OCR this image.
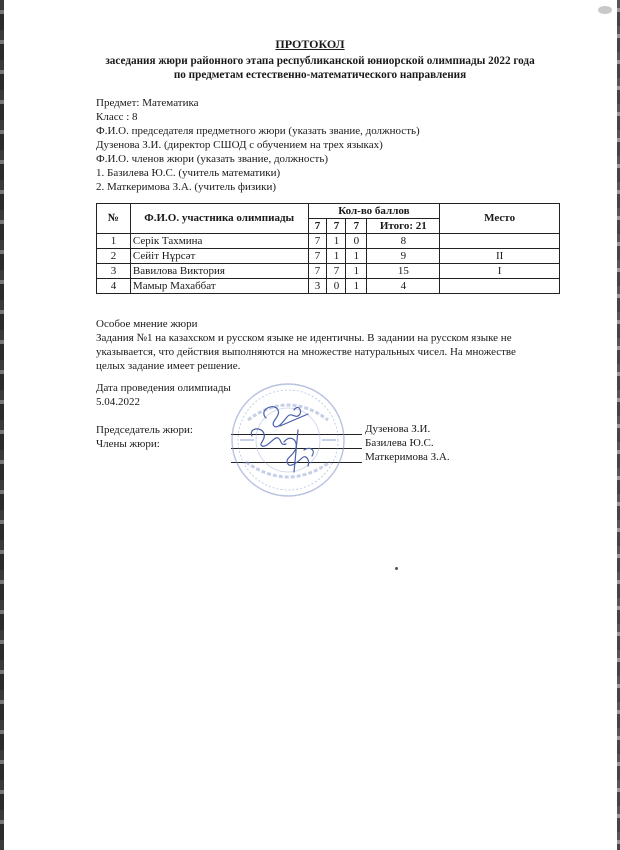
ПРОТОКОЛ
заседания жюри районного этапа республиканской юниорской олимпиады 2022 года
по предметам естественно-математического направления
Предмет: Математика
Класс : 8
Ф.И.О. председателя предметного жюри (указать звание, должность)
Дузенова З.И. (директор СШОД с обучением на трех языках)
Ф.И.О. членов жюри (указать звание, должность)
1. Базилева Ю.С. (учитель математики)
2. Маткеримова З.А. (учитель физики)
№	Ф.И.О. участника олимпиады	Кол-во баллов				Место
		7	7	7	Итого: 21	
1	Серік Тахмина	7	1	0	8	
2	Сейіт Нұрсәт	7	1	1	9	II
3	Вавилова Виктория	7	7	1	15	I
4	Мамыр Махаббат	3	0	1	4	
Особое мнение жюри
Задания №1 на казахском и русском языке не идентичны. В задании на русском языке не
указывается, что действия выполняются на множестве натуральных чисел. На множестве
целых задание имеет решение.
Дата проведения олимпиады
5.04.2022
Председатель жюри:
Члены жюри:
Дузенова З.И.
Базилева Ю.С.
Маткеримова З.А.
